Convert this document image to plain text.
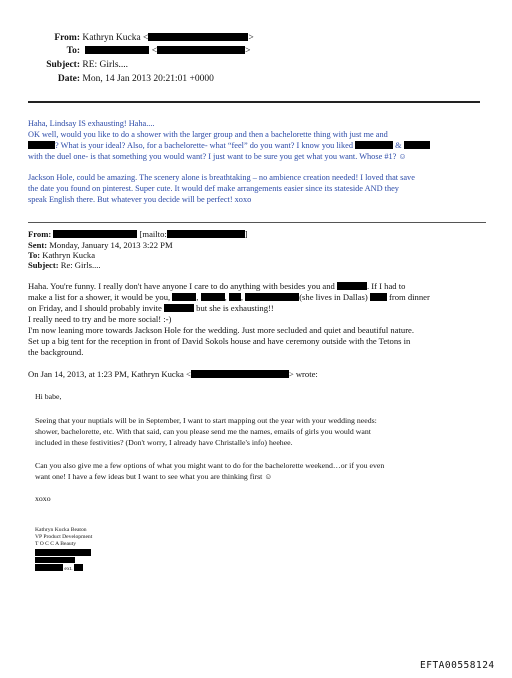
From: Kathryn Kucka <	>
To:	<	>
Subject: RE: Girls....
Date: Mon, 14 Jan 2013 20:21:01 +0000
Haha, Lindsay IS exhausting! Haha....
OK well, would you like to do a shower with the larger group and then a bachelorette thing with just me and
? What is your ideal? Also, for a bachelorette- what “feel” do you want? I know you liked	&
with the duel one- is that something you would want? I just want to be sure you get what you want. Whose #1? ☺
Jackson Hole, could be amazing. The scenery alone is breathtaking – no ambience creation needed! I loved that save
the date you found on pinterest. Super cute. It would def make arrangements easier since its stateside AND they
speak English there. But whatever you decide will be perfect! xoxo
From:	[mailto:	]
Sent: Monday, January 14, 2013 3:22 PM
To: Kathryn Kucka
Subject: Re: Girls....
Haha. You're funny. I really don't have anyone I care to do anything with besides you and	. If I had to
make a list for a shower, it would be you,	,	, ,	(she lives in Dallas) from dinner
on Friday, and I should probably invite	but she is exhausting!!
I really need to try and be more social! :-)
I'm now leaning more towards Jackson Hole for the wedding. Just more secluded and quiet and beautiful nature.
Set up a big tent for the reception in front of David Sokols house and have ceremony outside with the Tetons in
the background.
On Jan 14, 2013, at 1:23 PM, Kathryn Kucka <	> wrote:
Hi babe,
Seeing that your nuptials will be in September, I want to start mapping out the year with your wedding needs:
shower, bachelorette, etc. With that said, can you please send me the names, emails of girls you would want
included in these festivities? (Don't worry, I already have Christalle's info) heehee.
Can you also give me a few options of what you might want to do for the bachelorette weekend…or if you even
want one! I have a few ideas but I want to see what you are thinking first ☺
xoxo
Kathryn Kucka Beaton
VP Product Development
T O C C A Beauty
ext.
EFTA00558124
